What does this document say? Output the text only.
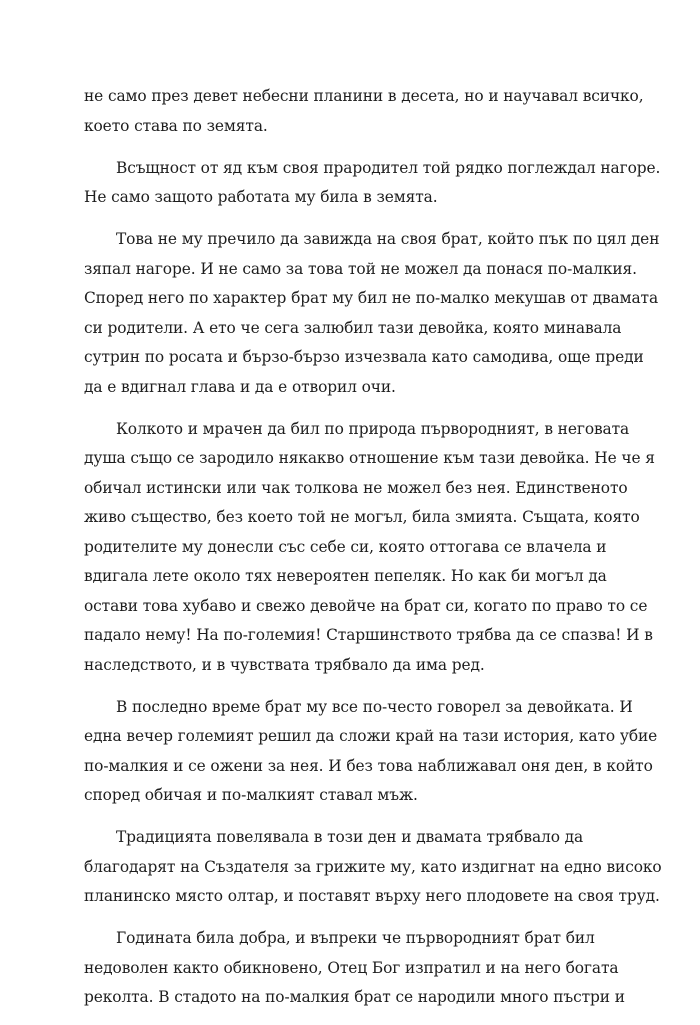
не само през девет небесни планини в десета, но и научавал всичко,
което става по земята.

Всъщност от яд към своя прародител той рядко поглеждал нагоре.
Не само защото работата му била в земята.

Това не му пречило да завижда на своя брат, който пък по цял ден
зяпал нагоре. И не само за това той не можел да понася по-малкия.
Според него по характер брат му бил не по-малко мекушав от двамата
си родители. А ето че сега залюбил тази девойка, която минавала
сутрин по росата и бързо-бързо изчезвала като самодива, още преди
да е вдигнал глава и да е отворил очи.

Колкото и мрачен да бил по природа първородният, в неговата
душа също се зародило някакво отношение към тази девойка. Не че я
обичал истински или чак толкова не можел без нея. Единственото
живо същество, без което той не могъл, била змията. Същата, която
родителите му донесли със себе си, която оттогава се влачела и
вдигала лете около тях невероятен пепеляк. Но как би могъл да
остави това хубаво и свежо девойче на брат си, когато по право то се
падало нему! На по-големия! Старшинството трябва да се спазва! И в
наследството, и в чувствата трябвало да има ред.

В последно време брат му все по-често говорел за девойката. И
една вечер големият решил да сложи край на тази история, като убие
по-малкия и се ожени за нея. И без това наближавал оня ден, в който
според обичая и по-малкият ставал мъж.

Традицията повелявала в този ден и двамата трябвало да
благодарят на Създателя за грижите му, като издигнат на едно високо
планинско място олтар, и поставят върху него плодовете на своя труд.

Годината била добра, и въпреки че първородният брат бил
недоволен както обикновено, Отец Бог изпратил и на него богата
реколта. В стадото на по-малкия брат се народили много пъстри и
